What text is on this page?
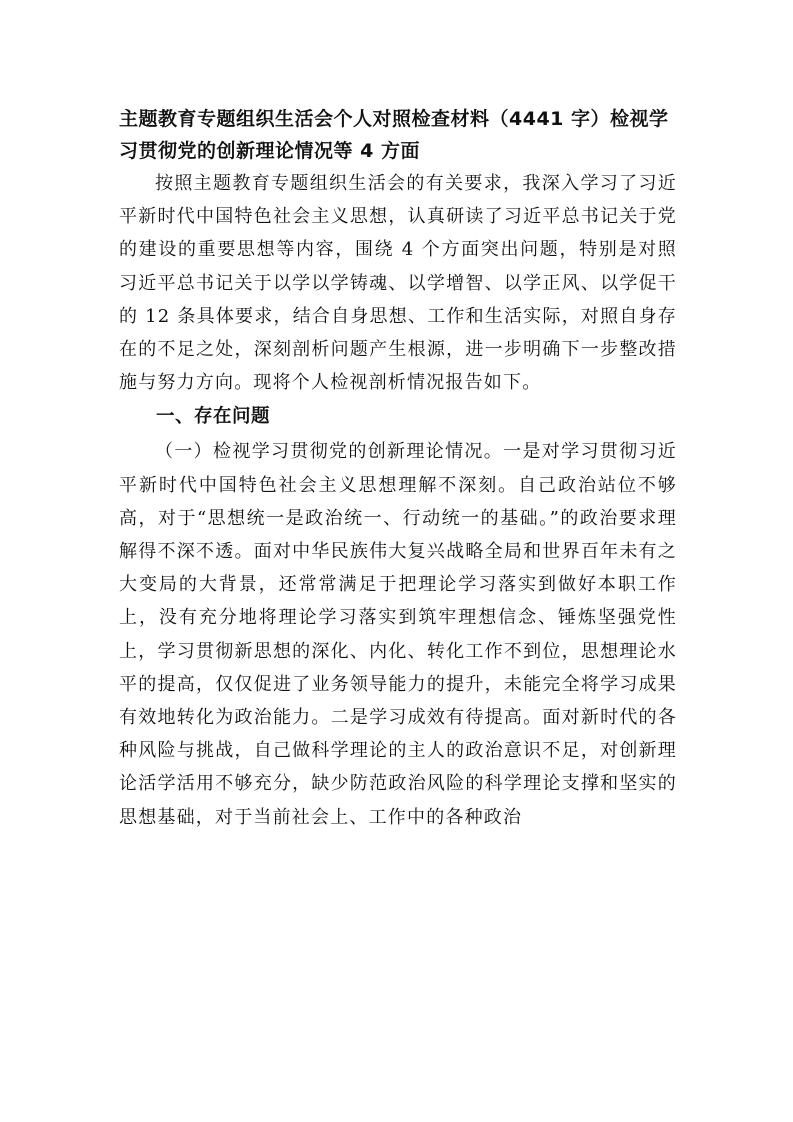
主题教育专题组织生活会个人对照检查材料（4441 字）检视学习贯彻党的创新理论情况等 4 方面

按照主题教育专题组织生活会的有关要求，我深入学习了习近平新时代中国特色社会主义思想，认真研读了习近平总书记关于党的建设的重要思想等内容，围绕 4 个方面突出问题，特别是对照习近平总书记关于以学以学铸魂、以学增智、以学正风、以学促干的 12 条具体要求，结合自身思想、工作和生活实际，对照自身存在的不足之处，深刻剖析问题产生根源，进一步明确下一步整改措施与努力方向。现将个人检视剖析情况报告如下。

一、存在问题

（一）检视学习贯彻党的创新理论情况。一是对学习贯彻习近平新时代中国特色社会主义思想理解不深刻。自己政治站位不够高，对于“思想统一是政治统一、行动统一的基础。”的政治要求理解得不深不透。面对中华民族伟大复兴战略全局和世界百年未有之大变局的大背景，还常常满足于把理论学习落实到做好本职工作上，没有充分地将理论学习落实到筑牢理想信念、锤炼坚强党性上，学习贯彻新思想的深化、内化、转化工作不到位，思想理论水平的提高，仅仅促进了业务领导能力的提升，未能完全将学习成果有效地转化为政治能力。二是学习成效有待提高。面对新时代的各种风险与挑战，自己做科学理论的主人的政治意识不足，对创新理论活学活用不够充分，缺少防范政治风险的科学理论支撑和坚实的思想基础，对于当前社会上、工作中的各种政治
